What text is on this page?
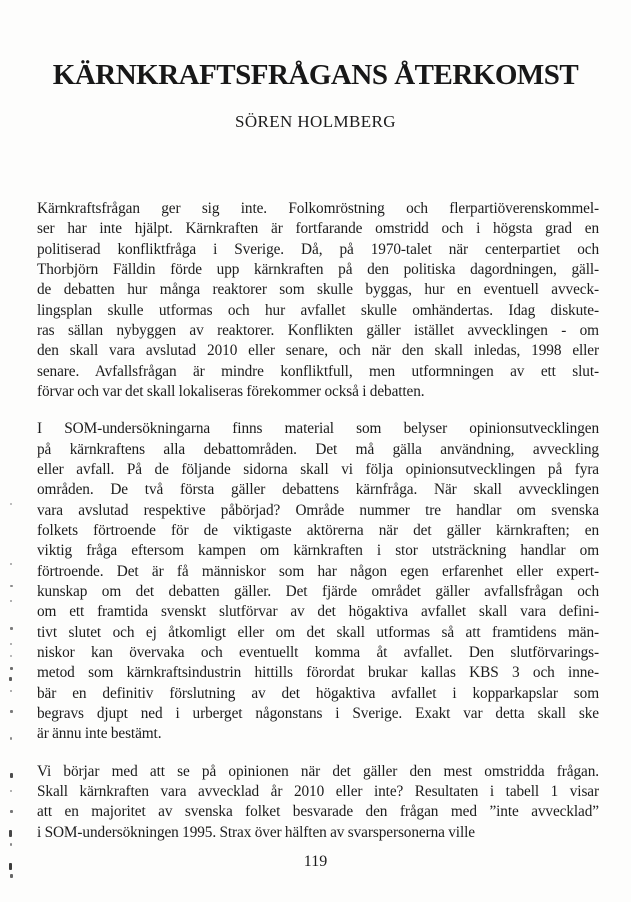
KÄRNKRAFTSFRÅGANS ÅTERKOMST
SÖREN HOLMBERG

Kärnkraftsfrågan ger sig inte. Folkomröstning och flerpartiöverenskommel-
ser har inte hjälpt. Kärnkraften är fortfarande omstridd och i högsta grad en
politiserad konfliktfråga i Sverige. Då, på 1970-talet när centerpartiet och
Thorbjörn Fälldin förde upp kärnkraften på den politiska dagordningen, gäll-
de debatten hur många reaktorer som skulle byggas, hur en eventuell avveck-
lingsplan skulle utformas och hur avfallet skulle omhändertas. Idag diskute-
ras sällan nybyggen av reaktorer. Konflikten gäller istället avvecklingen - om
den skall vara avslutad 2010 eller senare, och när den skall inledas, 1998 eller
senare. Avfallsfrågan är mindre konfliktfull, men utformningen av ett slut-
förvar och var det skall lokaliseras förekommer också i debatten.

I SOM-undersökningarna finns material som belyser opinionsutvecklingen
på kärnkraftens alla debattområden. Det må gälla användning, avveckling
eller avfall. På de följande sidorna skall vi följa opinionsutvecklingen på fyra
områden. De två första gäller debattens kärnfråga. När skall avvecklingen
vara avslutad respektive påbörjad? Område nummer tre handlar om svenska
folkets förtroende för de viktigaste aktörerna när det gäller kärnkraften; en
viktig fråga eftersom kampen om kärnkraften i stor utsträckning handlar om
förtroende. Det är få människor som har någon egen erfarenhet eller expert-
kunskap om det debatten gäller. Det fjärde området gäller avfallsfrågan och
om ett framtida svenskt slutförvar av det högaktiva avfallet skall vara defini-
tivt slutet och ej åtkomligt eller om det skall utformas så att framtidens män-
niskor kan övervaka och eventuellt komma åt avfallet. Den slutförvarings-
metod som kärnkraftsindustrin hittills förordat brukar kallas KBS 3 och inne-
bär en definitiv förslutning av det högaktiva avfallet i kopparkapslar som
begravs djupt ned i urberget någonstans i Sverige. Exakt var detta skall ske
är ännu inte bestämt.

Vi börjar med att se på opinionen när det gäller den mest omstridda frågan.
Skall kärnkraften vara avvecklad år 2010 eller inte? Resultaten i tabell 1 visar
att en majoritet av svenska folket besvarade den frågan med ”inte avvecklad”
i SOM-undersökningen 1995. Strax över hälften av svarspersonerna ville

119
